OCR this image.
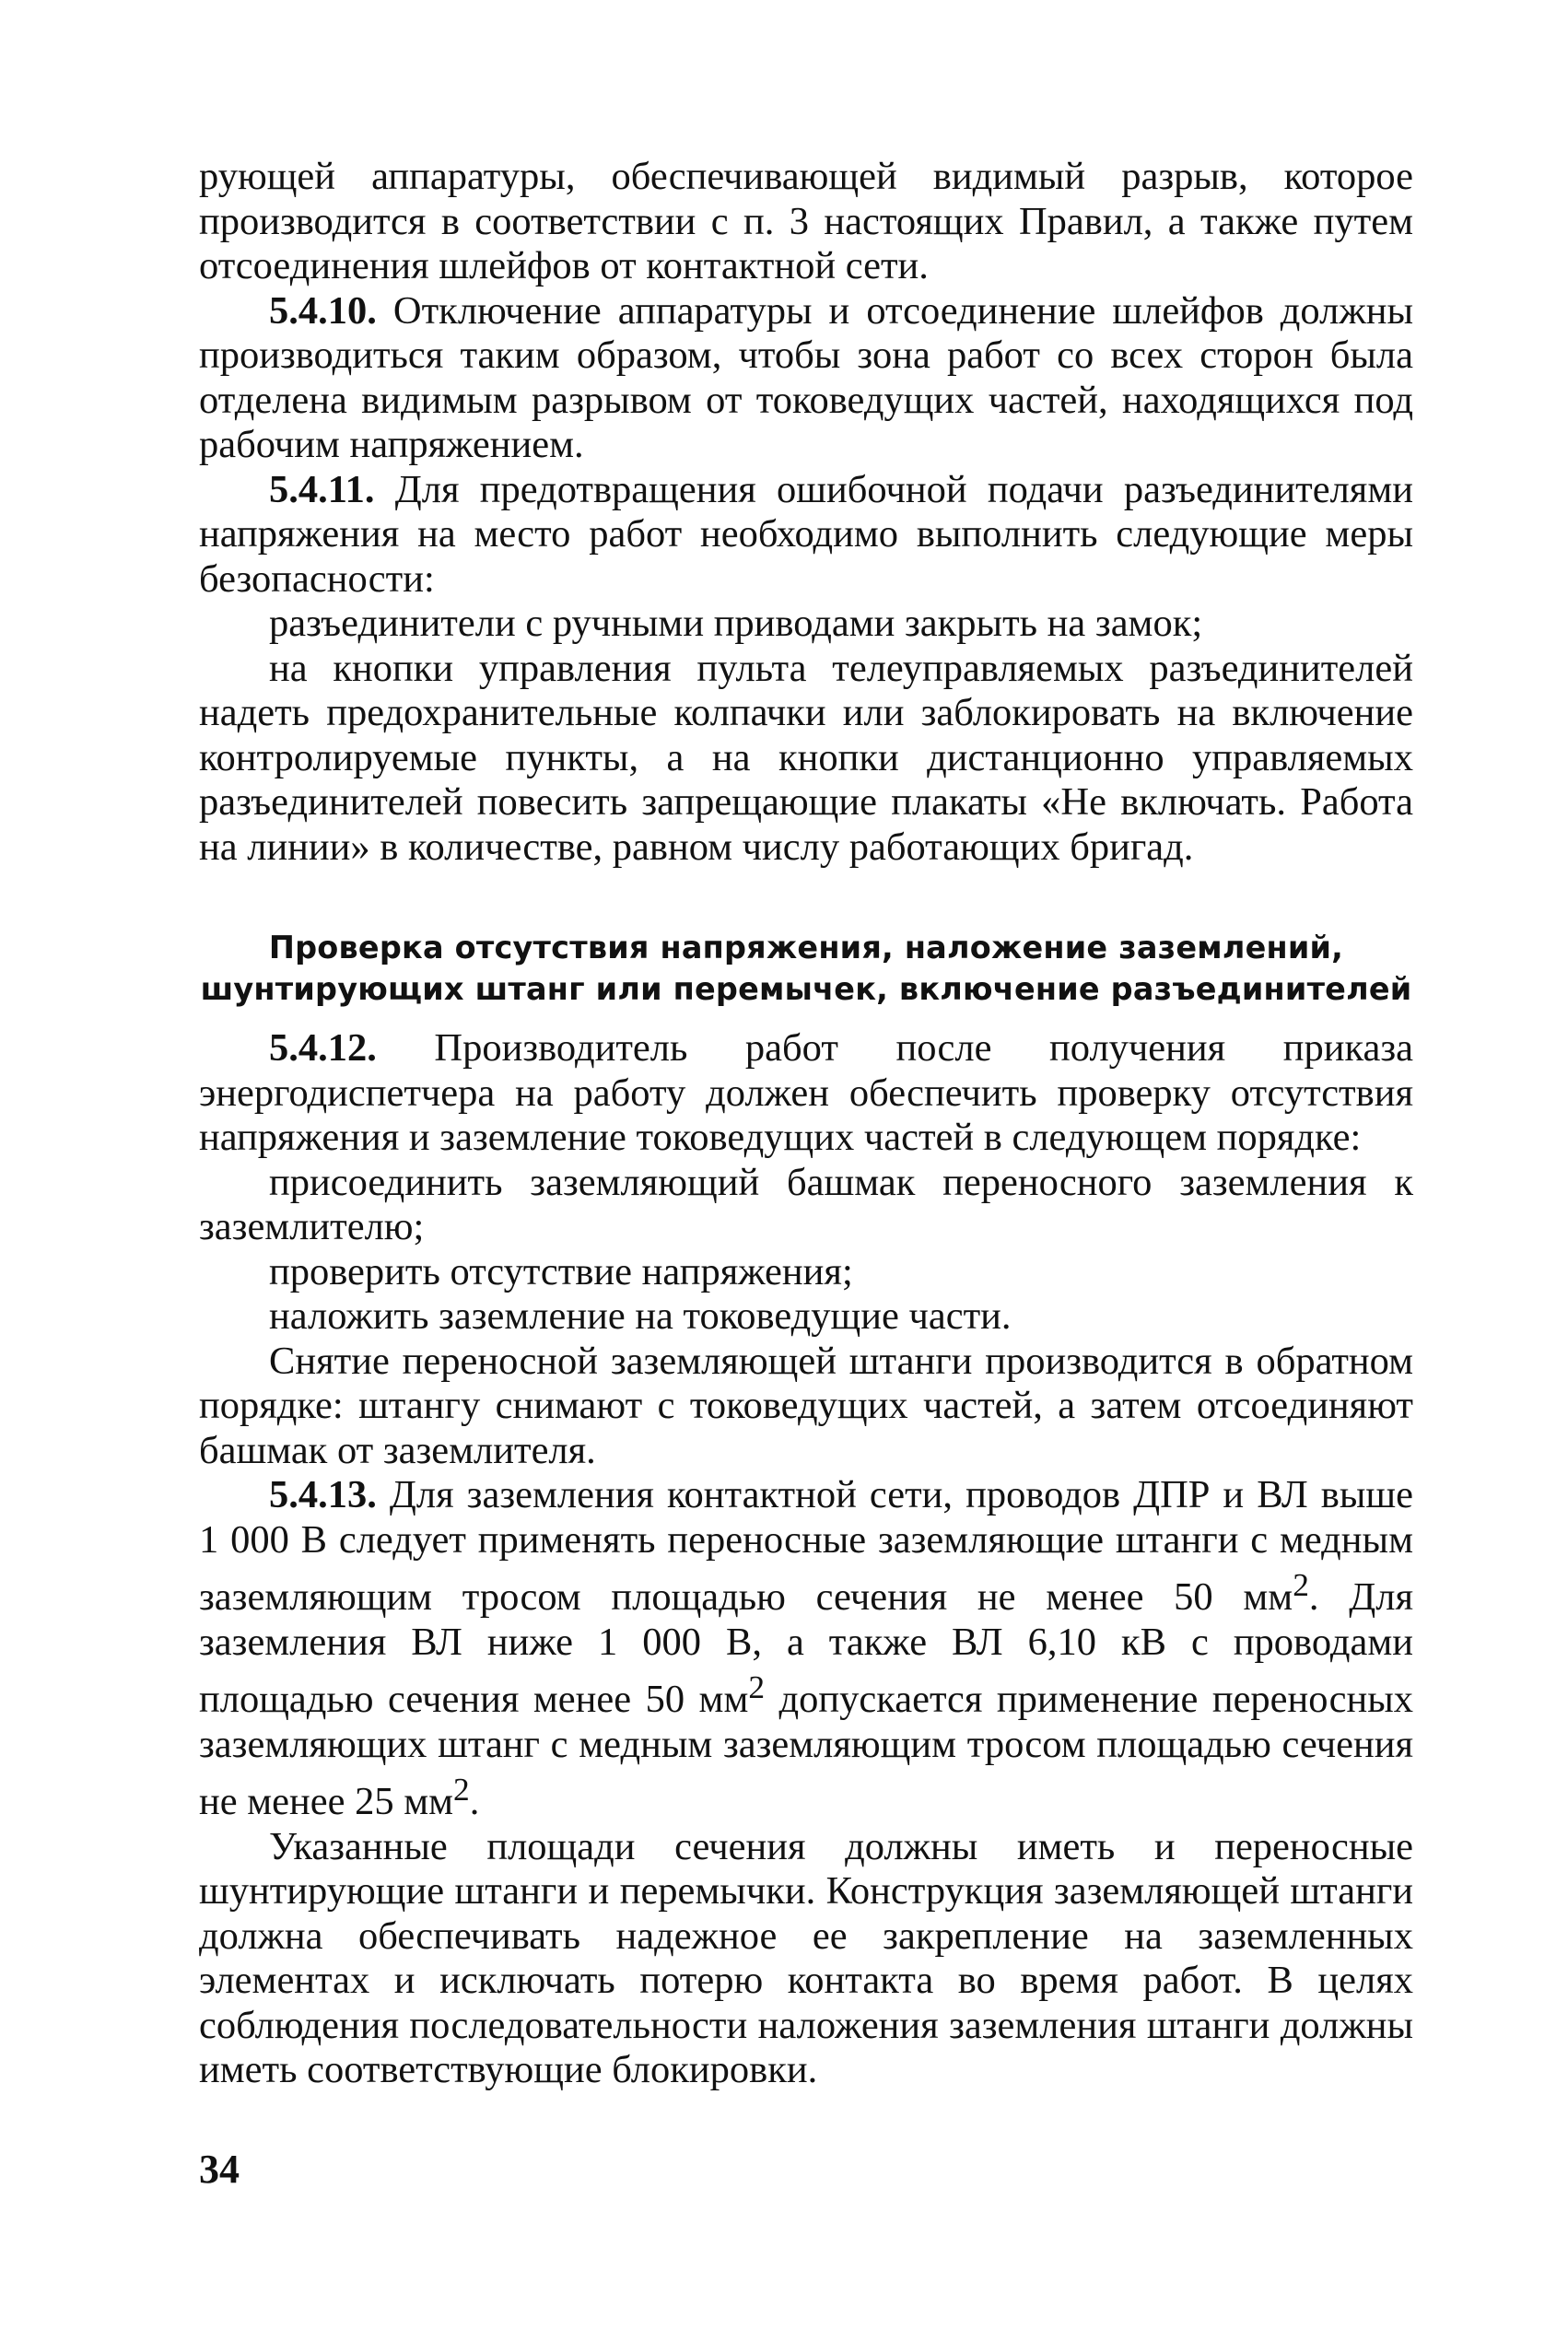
рующей аппаратуры, обеспечивающей видимый разрыв, которое производится в соответствии с п. 3 настоящих Правил, а также путем отсоединения шлейфов от контактной сети.

5.4.10. Отключение аппаратуры и отсоединение шлейфов должны производиться таким образом, чтобы зона работ со всех сторон была отделена видимым разрывом от токоведущих частей, находящихся под рабочим напряжением.

5.4.11. Для предотвращения ошибочной подачи разъединителями напряжения на место работ необходимо выполнить следующие меры безопасности:

разъединители с ручными приводами закрыть на замок;

на кнопки управления пульта телеуправляемых разъединителей надеть предохранительные колпачки или заблокировать на включение контролируемые пункты, а на кнопки дистанционно управляемых разъединителей повесить запрещающие плакаты «Не включать. Работа на линии» в количестве, равном числу работающих бригад.

Проверка отсутствия напряжения, наложение заземлений,
шунтирующих штанг или перемычек, включение разъединителей

5.4.12. Производитель работ после получения приказа энергодиспетчера на работу должен обеспечить проверку отсутствия напряжения и заземление токоведущих частей в следующем порядке:

присоединить заземляющий башмак переносного заземления к заземлителю;

проверить отсутствие напряжения;

наложить заземление на токоведущие части.

Снятие переносной заземляющей штанги производится в обратном порядке: штангу снимают с токоведущих частей, а затем отсоединяют башмак от заземлителя.

5.4.13. Для заземления контактной сети, проводов ДПР и ВЛ выше 1 000 В следует применять переносные заземляющие штанги с медным заземляющим тросом площадью сечения не менее 50 $мм^2$. Для заземления ВЛ ниже 1 000 В, а также ВЛ 6,10 кВ с проводами площадью сечения менее 50 $мм^2$ допускается применение переносных заземляющих штанг с медным заземляющим тросом площадью сечения не менее 25 $мм^2$.

Указанные площади сечения должны иметь и переносные шунтирующие штанги и перемычки. Конструкция заземляющей штанги должна обеспечивать надежное ее закрепление на заземленных элементах и исключать потерю контакта во время работ. В целях соблюдения последовательности наложения заземления штанги должны иметь соответствующие блокировки.

34
